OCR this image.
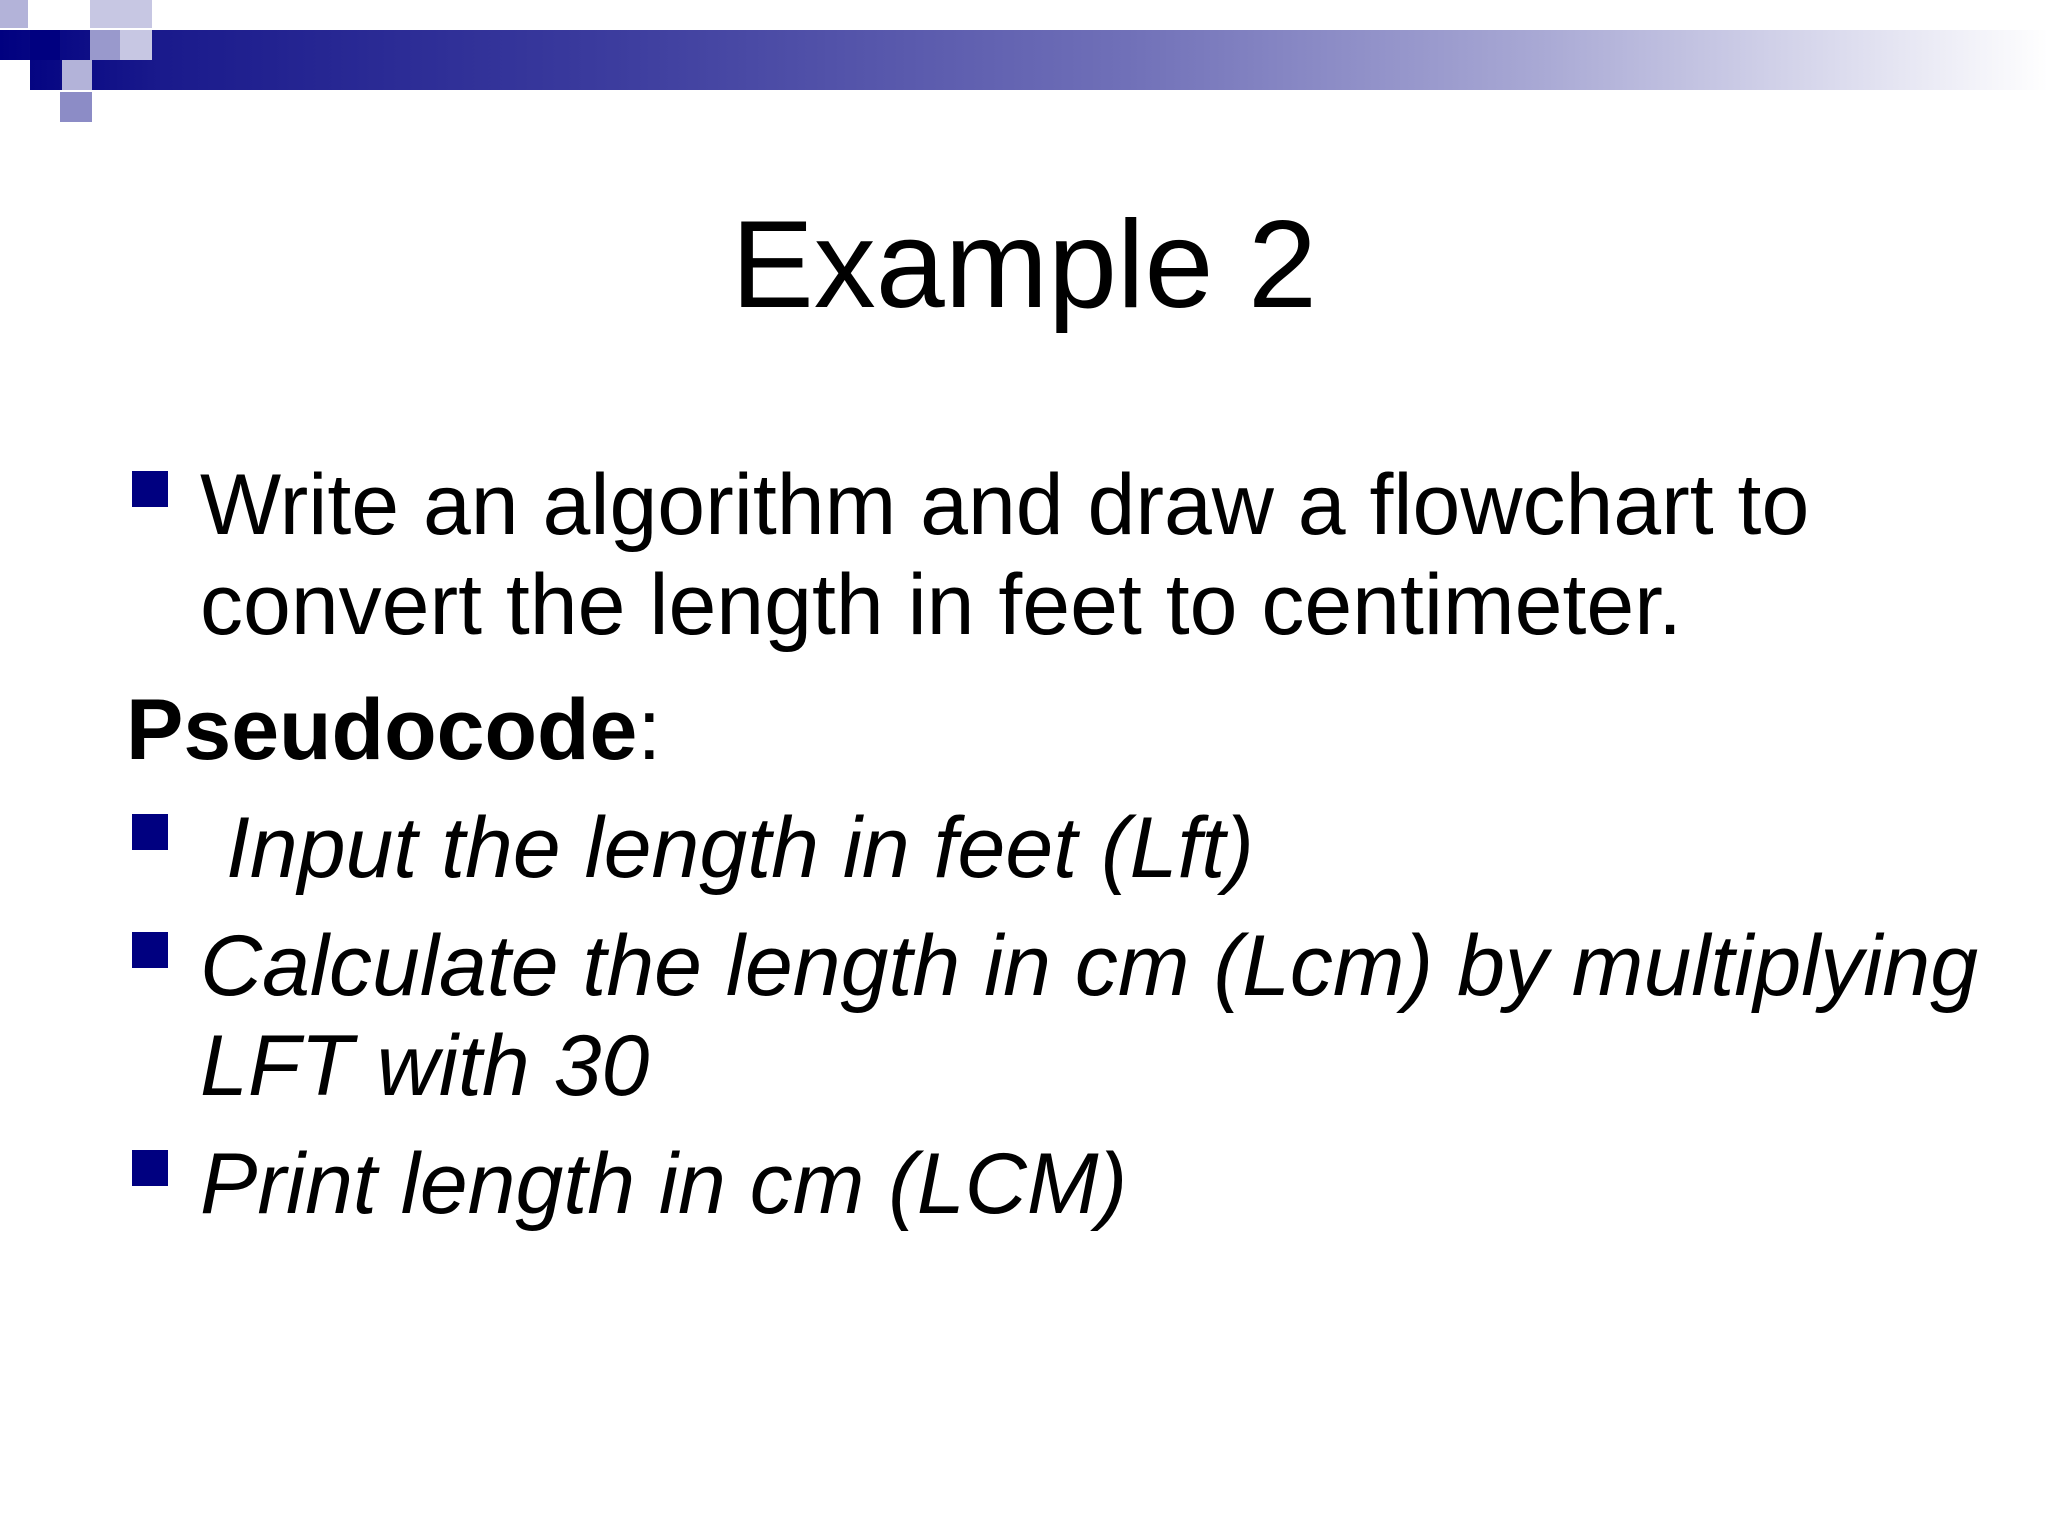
Example 2
Write an algorithm and draw a flowchart to convert the length in feet to centimeter.
Pseudocode:
Input the length in feet (Lft)
Calculate the length in cm (Lcm) by multiplying LFT with 30
Print length in cm (LCM)
